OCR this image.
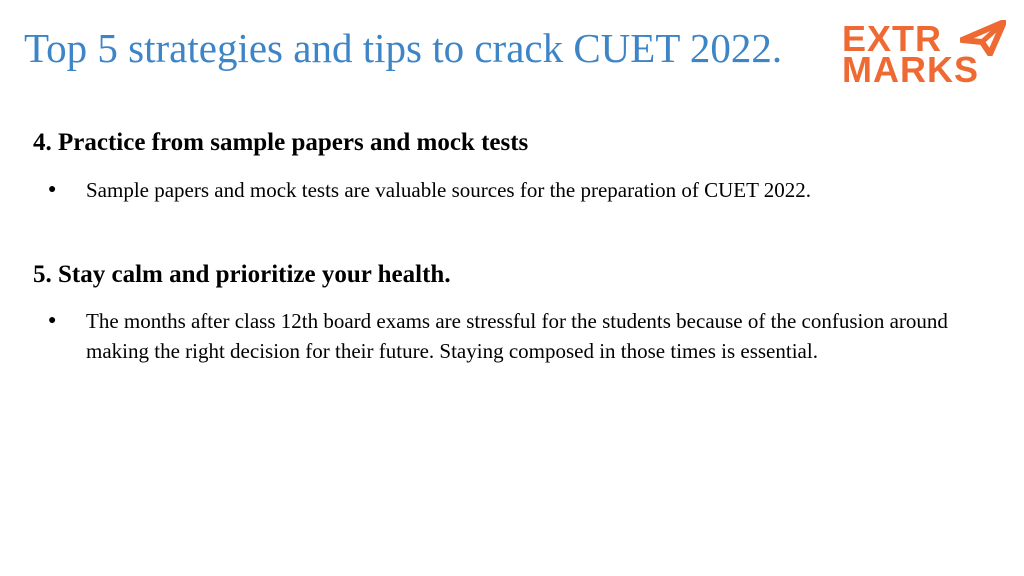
Top 5 strategies and tips to crack CUET 2022. EXTR
MARKS
4. Practice from sample papers and mock tests
●	Sample papers and mock tests are valuable sources for the preparation of CUET 2022.
5. Stay calm and prioritize your health.
●	The months after class 12th board exams are stressful for the students because of the confusion around making the right decision for their future. Staying composed in those times is essential.
